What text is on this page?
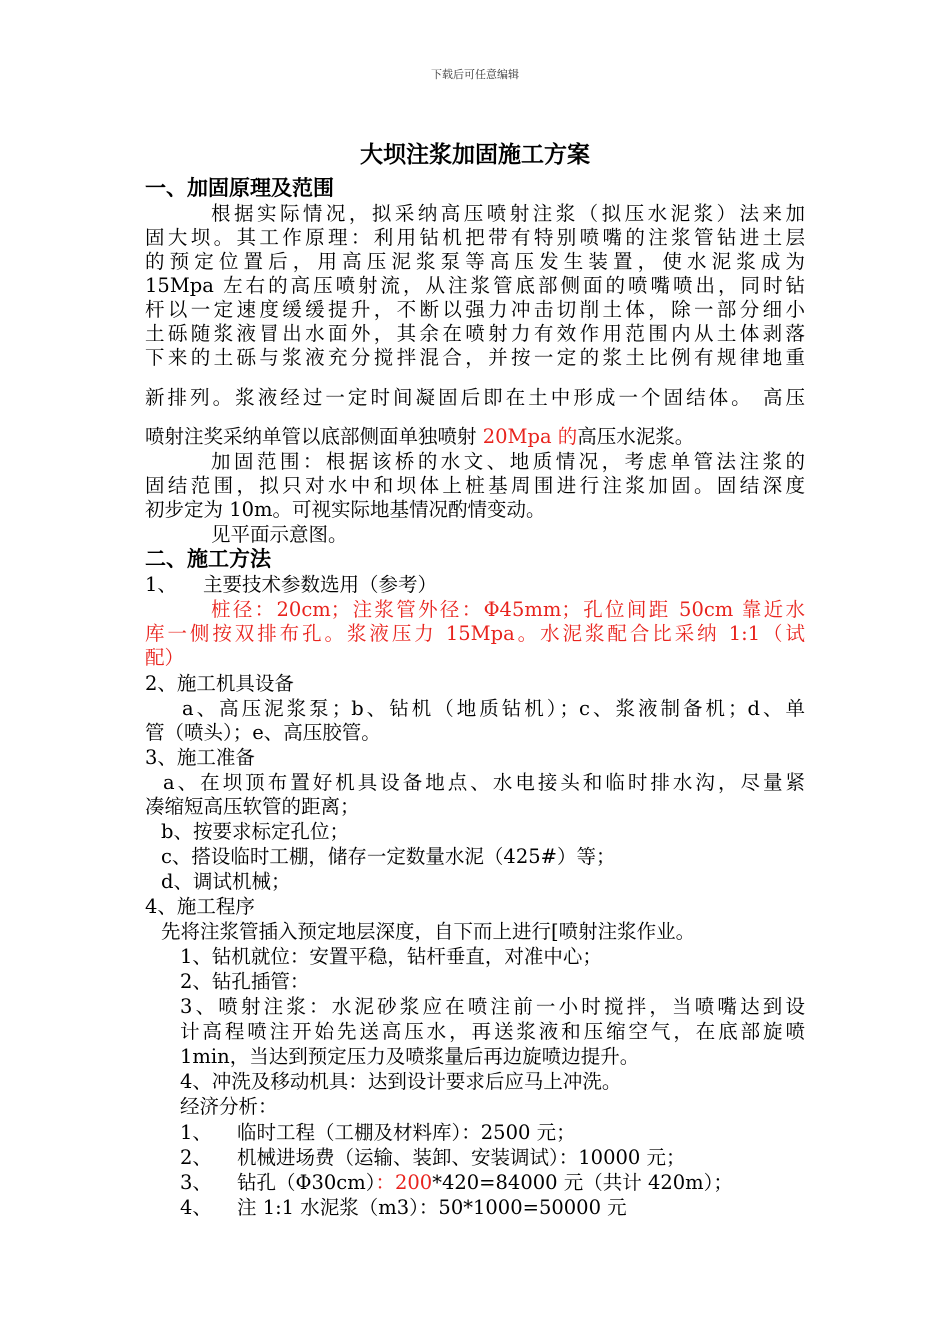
下载后可任意编辑
大坝注浆加固施工方案
一、加固原理及范围
根据实际情况，拟采纳高压喷射注浆（拟压水泥浆）法来加
固大坝。其工作原理：利用钻机把带有特别喷嘴的注浆管钻进土层
的预定位置后，用高压泥浆泵等高压发生装置，使水泥浆成为
15Mpa 左右的高压喷射流，从注浆管底部侧面的喷嘴喷出，同时钻
杆以一定速度缓缓提升，不断以强力冲击切削土体，除一部分细小
土砾随浆液冒出水面外，其余在喷射力有效作用范围内从土体剥落
下来的土砾与浆液充分搅拌混合，并按一定的浆土比例有规律地重
新排列。浆液经过一定时间凝固后即在土中形成一个固结体。 高压
喷射注奖采纳单管以底部侧面单独喷射 20Mpa 的高压水泥浆。
加固范围：根据该桥的水文、地质情况，考虑单管法注浆的
固结范围，拟只对水中和坝体上桩基周围进行注浆加固。固结深度
初步定为 10m。可视实际地基情况酌情变动。
见平面示意图。
二、施工方法
1、 主要技术参数选用（参考）
桩径：20cm；注浆管外径：Φ45mm；孔位间距 50cm 靠近水
库一侧按双排布孔。浆液压力 15Mpa。水泥浆配合比采纳 1:1（试
配）
2、施工机具设备
a、高压泥浆泵；b、钻机（地质钻机）；c、浆液制备机；d、单
管（喷头）；e、高压胶管。
3、施工准备
a、在坝顶布置好机具设备地点、水电接头和临时排水沟，尽量紧
凑缩短高压软管的距离；
b、按要求标定孔位；
c、搭设临时工棚，储存一定数量水泥（425#）等；
d、调试机械；
4、施工程序
先将注浆管插入预定地层深度，自下而上进行[喷射注浆作业。
1、钻机就位：安置平稳，钻杆垂直，对准中心；
2、钻孔插管：
3、喷射注浆：水泥砂浆应在喷注前一小时搅拌，当喷嘴达到设
计高程喷注开始先送高压水，再送浆液和压缩空气，在底部旋喷
1min，当达到预定压力及喷浆量后再边旋喷边提升。
4、冲洗及移动机具：达到设计要求后应马上冲洗。
经济分析：
1、 临时工程（工棚及材料库）：2500 元；
2、 机械进场费（运输、装卸、安装调试）：10000 元；
3、 钻孔（Φ30cm）：200*420=84000 元（共计 420m）；
4、 注 1:1 水泥浆（m3）：50*1000=50000 元
